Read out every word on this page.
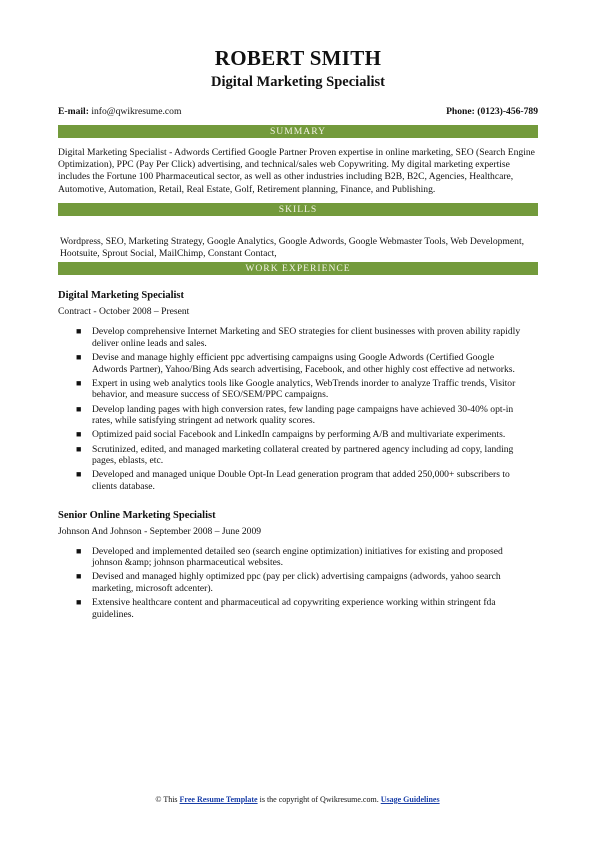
ROBERT SMITH
Digital Marketing Specialist
E-mail: info@qwikresume.com	Phone: (0123)-456-789
SUMMARY
Digital Marketing Specialist - Adwords Certified Google Partner Proven expertise in online marketing, SEO (Search Engine Optimization), PPC (Pay Per Click) advertising, and technical/sales web Copywriting. My digital marketing expertise includes the Fortune 100 Pharmaceutical sector, as well as other industries including B2B, B2C, Agencies, Healthcare, Automotive, Automation, Retail, Real Estate, Golf, Retirement planning, Finance, and Publishing.
SKILLS
Wordpress, SEO, Marketing Strategy, Google Analytics, Google Adwords, Google Webmaster Tools, Web Development, Hootsuite, Sprout Social, MailChimp, Constant Contact,
WORK EXPERIENCE
Digital Marketing Specialist
Contract - October 2008 – Present
■ Develop comprehensive Internet Marketing and SEO strategies for client businesses with proven ability rapidly deliver online leads and sales.
■ Devise and manage highly efficient ppc advertising campaigns using Google Adwords (Certified Google Adwords Partner), Yahoo/Bing Ads search advertising, Facebook, and other highly cost effective ad networks.
■ Expert in using web analytics tools like Google analytics, WebTrends inorder to analyze Traffic trends, Visitor behavior, and measure success of SEO/SEM/PPC campaigns.
■ Develop landing pages with high conversion rates, few landing page campaigns have achieved 30-40% opt-in rates, while satisfying stringent ad network quality scores.
■ Optimized paid social Facebook and LinkedIn campaigns by performing A/B and multivariate experiments.
■ Scrutinized, edited, and managed marketing collateral created by partnered agency including ad copy, landing pages, eblasts, etc.
■ Developed and managed unique Double Opt-In Lead generation program that added 250,000+ subscribers to clients database.
Senior Online Marketing Specialist
Johnson And Johnson - September 2008 – June 2009
■ Developed and implemented detailed seo (search engine optimization) initiatives for existing and proposed johnson &amp; johnson pharmaceutical websites.
■ Devised and managed highly optimized ppc (pay per click) advertising campaigns (adwords, yahoo search marketing, microsoft adcenter).
■ Extensive healthcare content and pharmaceutical ad copywriting experience working within stringent fda guidelines.
© This Free Resume Template is the copyright of Qwikresume.com. Usage Guidelines
